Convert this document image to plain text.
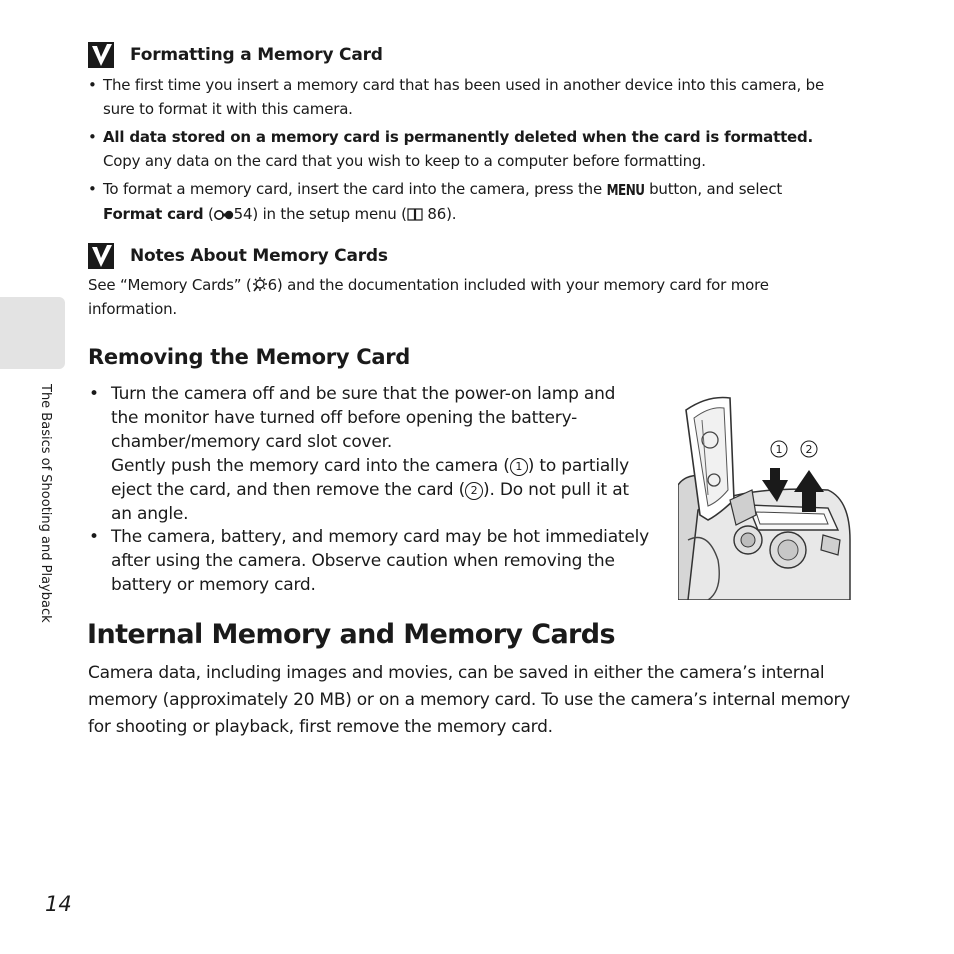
The Basics of Shooting and Playback
Formatting a Memory Card
• The first time you insert a memory card that has been used in another device into this camera, be
sure to format it with this camera.
• All data stored on a memory card is permanently deleted when the card is formatted.
Copy any data on the card that you wish to keep to a computer before formatting.
• To format a memory card, insert the card into the camera, press the MENU button, and select
Format card ( 54) in the setup menu ( 86).
Notes About Memory Cards
See “Memory Cards” ( 6) and the documentation included with your memory card for more
information.
Removing the Memory Card
• Turn the camera off and be sure that the power-on lamp and
the monitor have turned off before opening the battery-
chamber/memory card slot cover.
Gently push the memory card into the camera ( 1 ) to partially
eject the card, and then remove the card ( 2 ). Do not pull it at
an angle.
• The camera, battery, and memory card may be hot immediately
after using the camera. Observe caution when removing the
battery or memory card.
1 2
Internal Memory and Memory Cards
Camera data, including images and movies, can be saved in either the camera’s internal
memory (approximately 20 MB) or on a memory card. To use the camera’s internal memory
for shooting or playback, first remove the memory card.
14
